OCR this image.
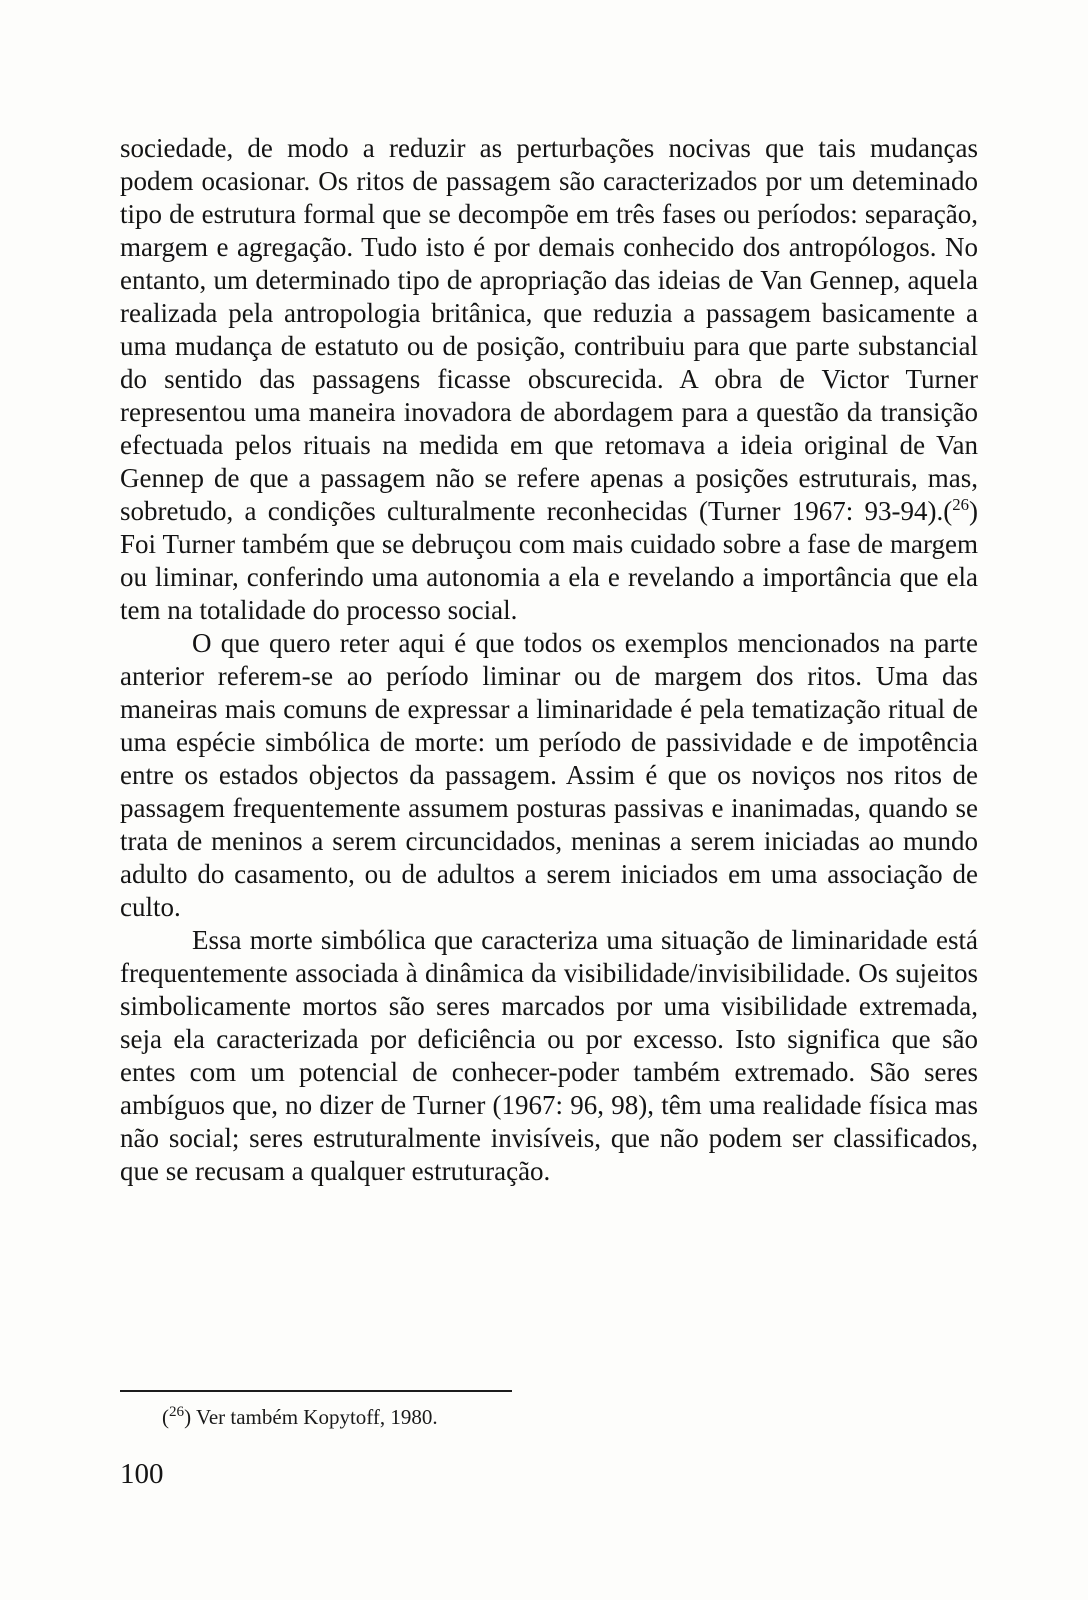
sociedade, de modo a reduzir as perturbações nocivas que tais mudanças podem ocasionar. Os ritos de passagem são caracterizados por um deteminado tipo de estrutura formal que se decompõe em três fases ou períodos: separação, margem e agregação. Tudo isto é por demais conhecido dos antropólogos. No entanto, um determinado tipo de apropriação das ideias de Van Gennep, aquela realizada pela antropologia britânica, que reduzia a passagem basicamente a uma mudança de estatuto ou de posição, contribuiu para que parte substancial do sentido das passagens ficasse obscurecida. A obra de Victor Turner representou uma maneira inovadora de abordagem para a questão da transição efectuada pelos rituais na medida em que retomava a ideia original de Van Gennep de que a passagem não se refere apenas a posições estruturais, mas, sobretudo, a condições culturalmente reconhecidas (Turner 1967: 93-94).($^{26}$) Foi Turner também que se debruçou com mais cuidado sobre a fase de margem ou liminar, conferindo uma autonomia a ela e revelando a importância que ela tem na totalidade do processo social.

O que quero reter aqui é que todos os exemplos mencionados na parte anterior referem-se ao período liminar ou de margem dos ritos. Uma das maneiras mais comuns de expressar a liminaridade é pela tematização ritual de uma espécie simbólica de morte: um período de passividade e de impotência entre os estados objectos da passagem. Assim é que os noviços nos ritos de passagem frequentemente assumem posturas passivas e inanimadas, quando se trata de meninos a serem circuncidados, meninas a serem iniciadas ao mundo adulto do casamento, ou de adultos a serem iniciados em uma associação de culto.

Essa morte simbólica que caracteriza uma situação de liminaridade está frequentemente associada à dinâmica da visibilidade/invisibilidade. Os sujeitos simbolicamente mortos são seres marcados por uma visibilidade extremada, seja ela caracterizada por deficiência ou por excesso. Isto significa que são entes com um potencial de conhecer-poder também extremado. São seres ambíguos que, no dizer de Turner (1967: 96, 98), têm uma realidade física mas não social; seres estruturalmente invisíveis, que não podem ser classificados, que se recusam a qualquer estruturação.

($^{26}$) Ver também Kopytoff, 1980.
100
